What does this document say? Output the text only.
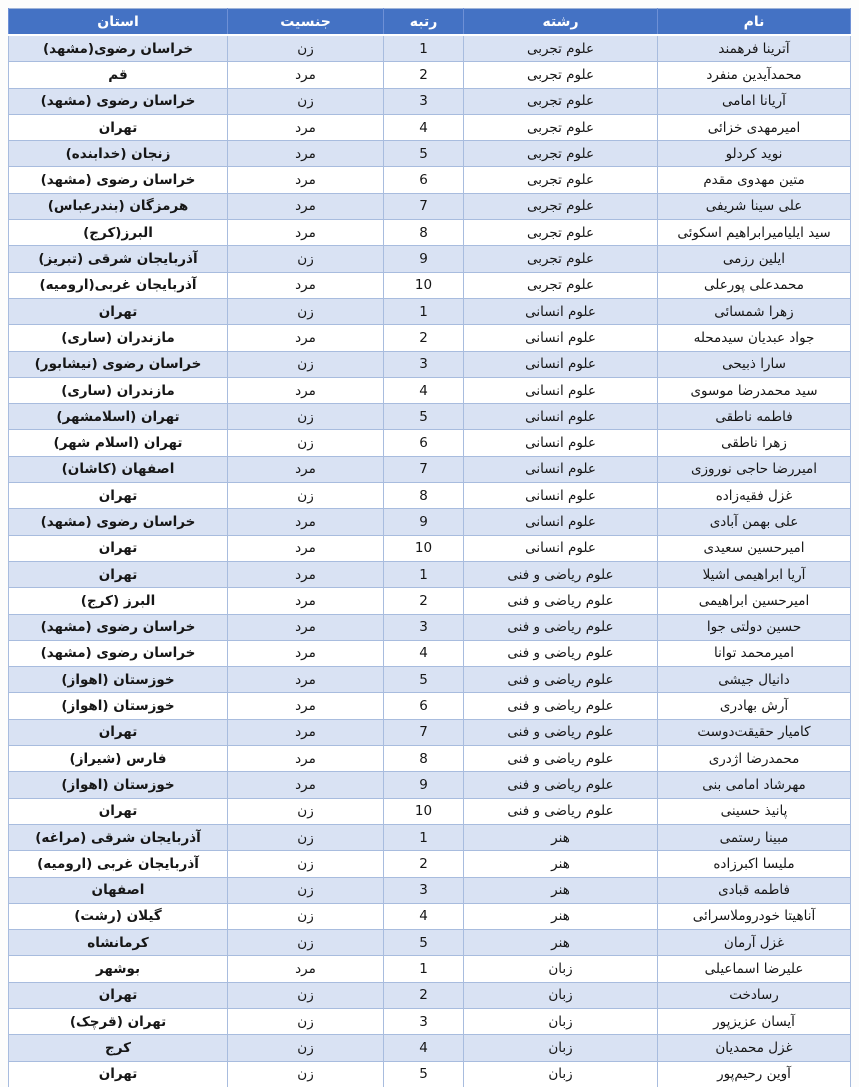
نام	رشته	رتبه	جنسیت	استان
آترینا فرهمند	علوم تجربی	1	زن	خراسان رضوی(مشهد)
محمدآیدین منفرد	علوم تجربی	2	مرد	قم
آریانا امامی	علوم تجربی	3	زن	خراسان رضوی (مشهد)
امیرمهدی خزائی	علوم تجربی	4	مرد	تهران
نوید کردلو	علوم تجربی	5	مرد	زنجان (خدابنده)
متین مهدوی مقدم	علوم تجربی	6	مرد	خراسان رضوی (مشهد)
علی سینا شریفی	علوم تجربی	7	مرد	هرمزگان (بندرعباس)
سید ایلیامیرابراهیم اسکوئی	علوم تجربی	8	مرد	البرز(کرج)
ایلین رزمی	علوم تجربی	9	زن	آذربایجان شرقی (تبریز)
محمدعلی پورعلی	علوم تجربی	10	مرد	آذربایجان غربی(ارومیه)
زهرا شمسائی	علوم انسانی	1	زن	تهران
جواد عبدیان سیدمحله	علوم انسانی	2	مرد	مازندران (ساری)
سارا ذبیحی	علوم انسانی	3	زن	خراسان رضوی (نیشابور)
سید محمدرضا موسوی	علوم انسانی	4	مرد	مازندران (ساری)
فاطمه ناطقی	علوم انسانی	5	زن	تهران (اسلامشهر)
زهرا ناطقی	علوم انسانی	6	زن	تهران (اسلام شهر)
امیررضا حاجی نوروزی	علوم انسانی	7	مرد	اصفهان (کاشان)
غزل فقیه‌زاده	علوم انسانی	8	زن	تهران
علی بهمن آبادی	علوم انسانی	9	مرد	خراسان رضوی (مشهد)
امیرحسین سعیدی	علوم انسانی	10	مرد	تهران
آریا ابراهیمی اشیلا	علوم ریاضی و فنی	1	مرد	تهران
امیرحسین ابراهیمی	علوم ریاضی و فنی	2	مرد	البرز (کرج)
حسین دولتی جوا	علوم ریاضی و فنی	3	مرد	خراسان رضوی (مشهد)
امیرمحمد توانا	علوم ریاضی و فنی	4	مرد	خراسان رضوی (مشهد)
دانیال جیشی	علوم ریاضی و فنی	5	مرد	خوزستان (اهواز)
آرش بهادری	علوم ریاضی و فنی	6	مرد	خوزستان (اهواز)
کامیار حقیقت‌دوست	علوم ریاضی و فنی	7	مرد	تهران
محمدرضا اژدری	علوم ریاضی و فنی	8	مرد	فارس (شیراز)
مهرشاد امامی بنی	علوم ریاضی و فنی	9	مرد	خوزستان (اهواز)
پانیذ حسینی	علوم ریاضی و فنی	10	زن	تهران
مبینا رستمی	هنر	1	زن	آذربایجان شرقی (مراغه)
ملیسا اکبرزاده	هنر	2	زن	آذربایجان غربی (ارومیه)
فاطمه قبادی	هنر	3	زن	اصفهان
آناهیتا خودروملاسرائی	هنر	4	زن	گیلان (رشت)
غزل آرمان	هنر	5	زن	کرمانشاه
علیرضا اسماعیلی	زبان	1	مرد	بوشهر
رسادخت	زبان	2	زن	تهران
آیسان عزیزپور	زبان	3	زن	تهران (قرچک)
غزل محمدیان	زبان	4	زن	کرج
آوین رحیم‌پور	زبان	5	زن	تهران
